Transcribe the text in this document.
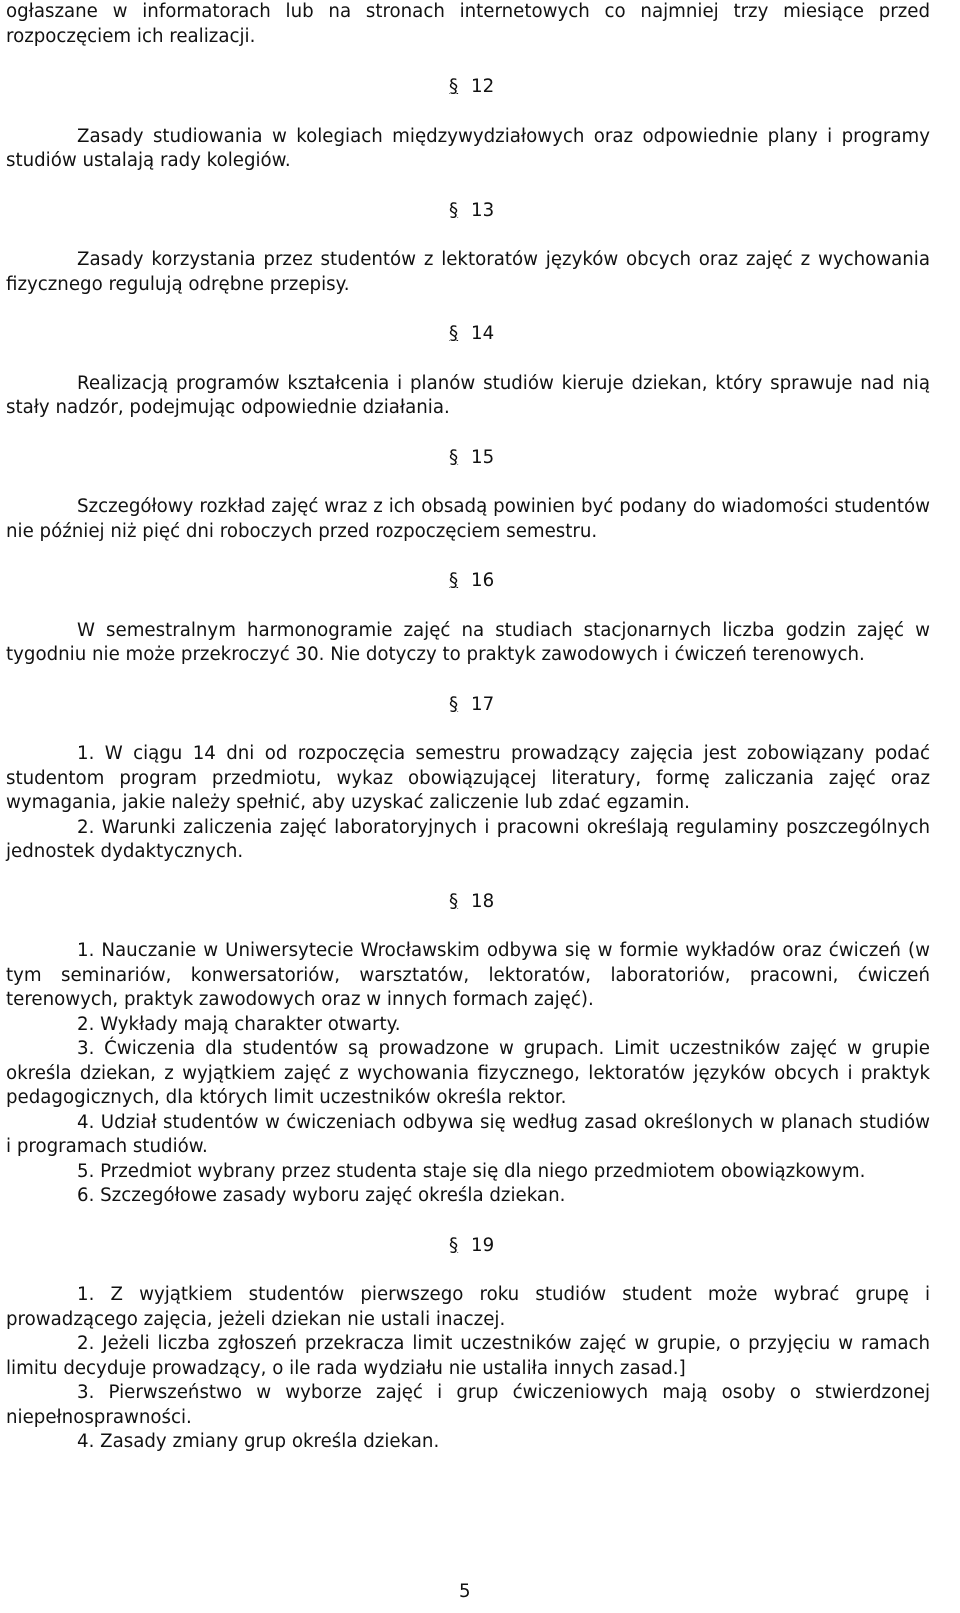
ogłaszane w informatorach lub na stronach internetowych co najmniej trzy miesiące przed rozpoczęciem ich realizacji.

§ 12

Zasady studiowania w kolegiach międzywydziałowych oraz odpowiednie plany i programy studiów ustalają rady kolegiów.

§ 13

Zasady korzystania przez studentów z lektoratów języków obcych oraz zajęć z wychowania fizycznego regulują odrębne przepisy.

§ 14

Realizacją programów kształcenia i planów studiów kieruje dziekan, który sprawuje nad nią stały nadzór, podejmując odpowiednie działania.

§ 15

Szczegółowy rozkład zajęć wraz z ich obsadą powinien być podany do wiadomości studentów nie później niż pięć dni roboczych przed rozpoczęciem semestru.

§ 16

W semestralnym harmonogramie zajęć na studiach stacjonarnych liczba godzin zajęć w tygodniu nie może przekroczyć 30. Nie dotyczy to praktyk zawodowych i ćwiczeń terenowych.

§ 17

1. W ciągu 14 dni od rozpoczęcia semestru prowadzący zajęcia jest zobowiązany podać studentom program przedmiotu, wykaz obowiązującej literatury, formę zaliczania zajęć oraz wymagania, jakie należy spełnić, aby uzyskać zaliczenie lub zdać egzamin.

2. Warunki zaliczenia zajęć laboratoryjnych i pracowni określają regulaminy poszczególnych jednostek dydaktycznych.

§ 18

1. Nauczanie w Uniwersytecie Wrocławskim odbywa się w formie wykładów oraz ćwiczeń (w tym seminariów, konwersatoriów, warsztatów, lektoratów, laboratoriów, pracowni, ćwiczeń terenowych, praktyk zawodowych oraz w innych formach zajęć).

2. Wykłady mają charakter otwarty.

3. Ćwiczenia dla studentów są prowadzone w grupach. Limit uczestników zajęć w grupie określa dziekan, z wyjątkiem zajęć z wychowania fizycznego, lektoratów języków obcych i praktyk pedagogicznych, dla których limit uczestników określa rektor.

4. Udział studentów w ćwiczeniach odbywa się według zasad określonych w planach studiów i programach studiów.

5. Przedmiot wybrany przez studenta staje się dla niego przedmiotem obowiązkowym.

6. Szczegółowe zasady wyboru zajęć określa dziekan.

§ 19

1. Z wyjątkiem studentów pierwszego roku studiów student może wybrać grupę i prowadzącego zajęcia, jeżeli dziekan nie ustali inaczej.

2. Jeżeli liczba zgłoszeń przekracza limit uczestników zajęć w grupie, o przyjęciu w ramach limitu decyduje prowadzący, o ile rada wydziału nie ustaliła innych zasad.]

3. Pierwszeństwo w wyborze zajęć i grup ćwiczeniowych mają osoby o stwierdzonej niepełnosprawności.

4. Zasady zmiany grup określa dziekan.

5
